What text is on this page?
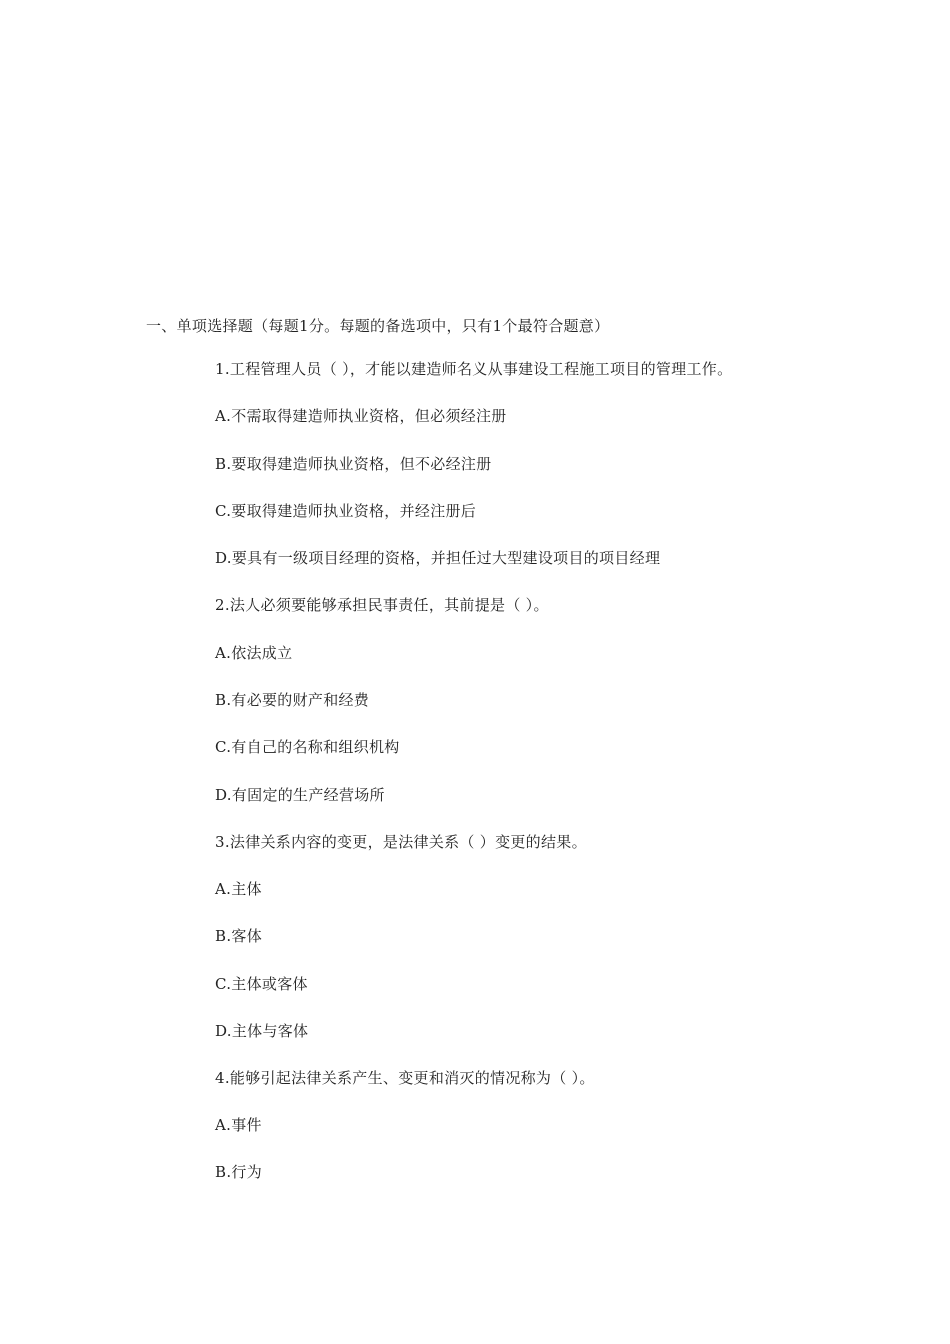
一、单项选择题（每题1分。每题的备选项中，只有1个最符合题意）
1.工程管理人员（ ），才能以建造师名义从事建设工程施工项目的管理工作。
A.不需取得建造师执业资格，但必须经注册
B.要取得建造师执业资格，但不必经注册
C.要取得建造师执业资格，并经注册后
D.要具有一级项目经理的资格，并担任过大型建设项目的项目经理
2.法人必须要能够承担民事责任，其前提是（ ）。
A.依法成立
B.有必要的财产和经费
C.有自己的名称和组织机构
D.有固定的生产经营场所
3.法律关系内容的变更，是法律关系（ ）变更的结果。
A.主体
B.客体
C.主体或客体
D.主体与客体
4.能够引起法律关系产生、变更和消灭的情况称为（ ）。
A.事件
B.行为
